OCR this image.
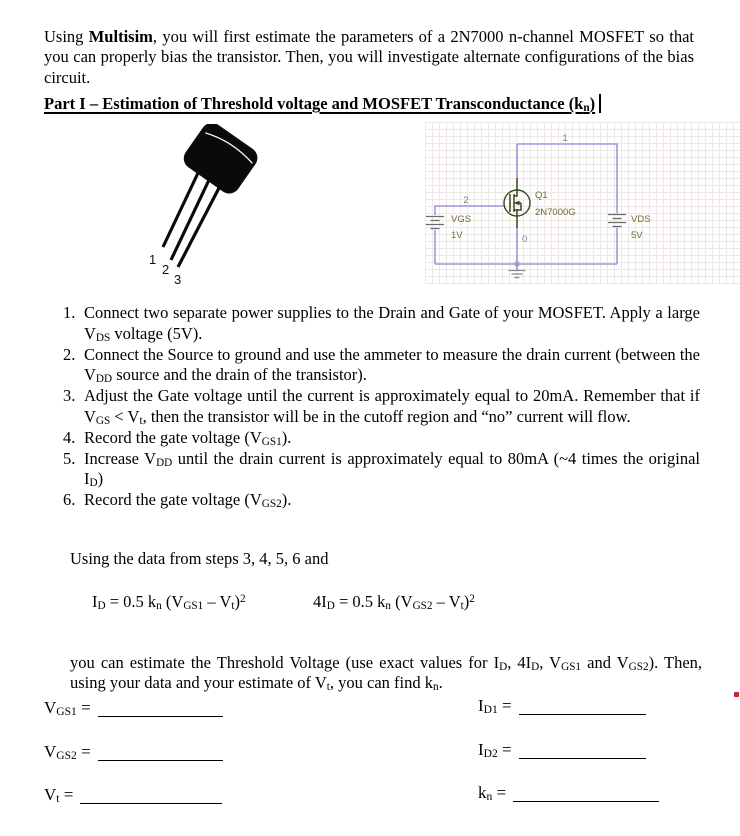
Using Multisim, you will first estimate the parameters of a 2N7000 n-channel MOSFET so that you can properly bias the transistor. Then, you will investigate alternate configurations of the bias circuit.

Part I – Estimation of Threshold voltage and MOSFET Transconductance $(k_n)$
1
2
3
1
2
0
Q1
2N7000G
VGS
1V
VDS
5V
1. Connect two separate power supplies to the Drain and Gate of your MOSFET. Apply a large $V_{DS}$ voltage (5V).
2. Connect the Source to ground and use the ammeter to measure the drain current (between the $V_{DD}$ source and the drain of the transistor).
3. Adjust the Gate voltage until the current is approximately equal to 20mA. Remember that if $V_{GS} < V_t$, then the transistor will be in the cutoff region and “no” current will flow.
4. Record the gate voltage $(V_{GS1})$.
5. Increase $V_{DD}$ until the drain current is approximately equal to 80mA (~4 times the original $I_D$)
6. Record the gate voltage $(V_{GS2})$.
Using the data from steps 3, 4, 5, 6 and
$I_D = 0.5$ $k_n$ $(V_{GS1} - V_t)^2$	$4I_D = 0.5$ $k_n$ $(V_{GS2} - V_t)^2$

you can estimate the Threshold Voltage (use exact values for $I_D$, $4I_D$, $V_{GS1}$ and $V_{GS2}$). Then, using your data and your estimate of $V_t$, you can find $k_n$.

$V_{GS1}$ =
$V_{GS2}$ =
$V_t$ =
$I_{D1}$ =
$I_{D2}$ =
$k_n$ =
